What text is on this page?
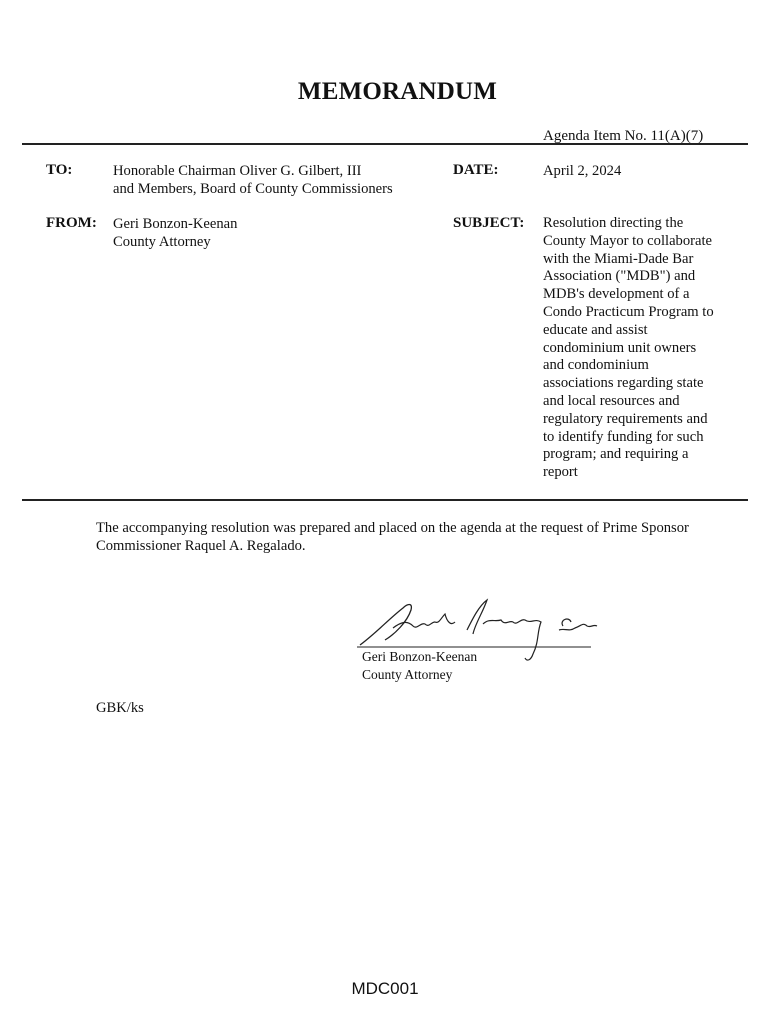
MEMORANDUM
Agenda Item No. 11(A)(7)
TO:	Honorable Chairman Oliver G. Gilbert, III
and Members, Board of County Commissioners
DATE:	April 2, 2024
FROM: Geri Bonzon-Keenan
County Attorney
SUBJECT: Resolution directing the
County Mayor to collaborate
with the Miami-Dade Bar
Association ("MDB") and
MDB's development of a
Condo Practicum Program to
educate and assist
condominium unit owners
and condominium
associations regarding state
and local resources and
regulatory requirements and
to identify funding for such
program; and requiring a
report
The accompanying resolution was prepared and placed on the agenda at the request of Prime Sponsor
Commissioner Raquel A. Regalado.
Geri Bonzon-Keenan
County Attorney
GBK/ks
MDC001
